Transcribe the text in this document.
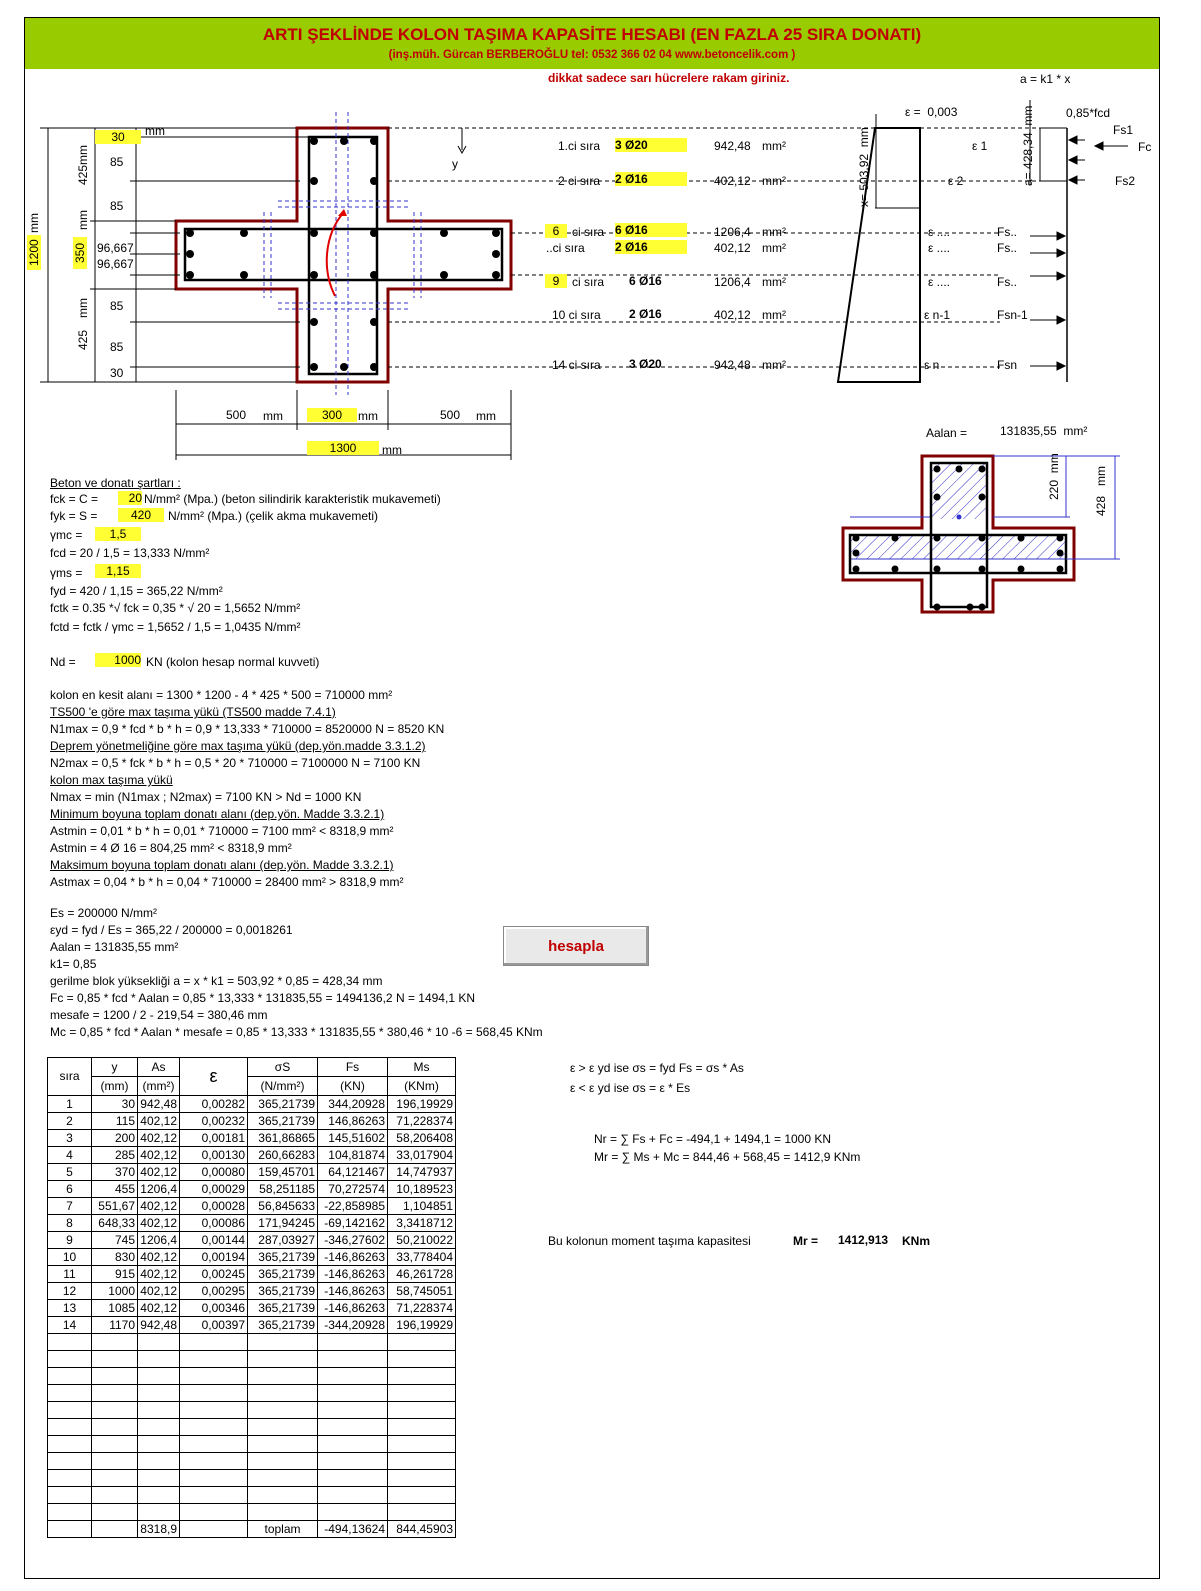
ARTI ŞEKLİNDE KOLON TAŞIMA KAPASİTE HESABI (EN FAZLA 25 SIRA DONATI)
(inş.müh. Gürcan BERBEROĞLU tel: 0532 366 02 04 www.betoncelik.com )
dikkat sadece sarı hücrelere rakam giriniz.	a = k1 * x
30	mm
85
425
mm
85
mm
350 96,667
96,667
1200
mm
85
425
mm
85
30
y
500 mm	300	mm	500 mm
1300	mm
1.ci sıra 3 Ø20	942,48 mm²
2 ci sıra 2 Ø16	402,12 mm²
6	ci sıra 6 Ø16	1206,4 mm²
..ci sıra	2 Ø16	402,12 mm²
9	ci sıra 6 Ø16	1206,4 mm²
10 ci sıra 2 Ø16	402,12 mm²
14 ci sıra 3 Ø20	942,48 mm²
ε = 0,003
ε 1
ε 2
ε ....
ε ....
ε ....
ε n-1
ε n
x= 503,92  mm
a= 428,34  mm	0,85*fcd
Fs1
Fc
Fs2
Fs..
Fs..
Fs..
Fsn-1
Fsn
Aalan =	131835,55 mm²
220  mm
428   mm
Beton ve donatı şartları :
fck = C =	20 N/mm² (Mpa.) (beton silindirik karakteristik mukavemeti)
fyk = S =	420	N/mm² (Mpa.) (çelik akma mukavemeti)
γmc =	1,5
fcd = 20 / 1,5 = 13,333 N/mm²
γms =	1,15
fyd = 420 / 1,15 = 365,22 N/mm²
fctk = 0.35 *√ fck = 0,35 * √ 20 = 1,5652 N/mm²
fctd = fctk / γmc = 1,5652 / 1,5 = 1,0435 N/mm²
Nd =	1000 KN (kolon hesap normal kuvveti)
kolon en kesit alanı = 1300 * 1200 - 4 * 425 * 500 = 710000 mm²
TS500 'e göre max taşıma yükü (TS500 madde 7.4.1)
N1max = 0,9 * fcd * b * h = 0,9 * 13,333 * 710000 = 8520000 N = 8520 KN
Deprem yönetmeliğine göre max taşıma yükü (dep.yön.madde 3.3.1.2)
N2max = 0,5 * fck * b * h = 0,5 * 20 * 710000 = 7100000 N = 7100 KN
kolon max taşıma yükü
Nmax = min (N1max ; N2max) = 7100 KN > Nd = 1000 KN
Minimum boyuna toplam donatı alanı (dep.yön. Madde 3.3.2.1)
Astmin = 0,01 * b * h = 0,01 * 710000 = 7100 mm² < 8318,9 mm²
Astmin = 4 Ø 16 = 804,25 mm² < 8318,9 mm²
Maksimum boyuna toplam donatı alanı (dep.yön. Madde 3.3.2.1)
Astmax = 0,04 * b * h = 0,04 * 710000 = 28400 mm² > 8318,9 mm²
Es = 200000 N/mm²
εyd = fyd / Es = 365,22 / 200000 = 0,0018261
Aalan = 131835,55 mm²
k1= 0,85
gerilme blok yüksekliği a = x * k1 = 503,92 * 0,85 = 428,34 mm
Fc = 0,85 * fcd * Aalan = 0,85 * 13,333 * 131835,55 = 1494136,2 N = 1494,1 KN
mesafe = 1200 / 2 - 219,54 = 380,46 mm
Mc = 0,85 * fcd * Aalan * mesafe = 0,85 * 13,333 * 131835,55 * 380,46 * 10 -6 = 568,45 KNm
hesapla
ε > ε yd ise σs = fyd Fs = σs * As
ε < ε yd ise σs = ε * Es
Nr = ∑ Fs + Fc = -494,1 + 1494,1 = 1000 KN
Mr = ∑ Ms + Mc = 844,46 + 568,45 = 1412,9 KNm
Bu kolonun moment taşıma kapasitesi	Mr = 1412,913 KNm
sıra	y	As	ε	σS	Fs	Ms
	(mm)	(mm²)		(N/mm²)	(KN)	(KNm)
1	30	942,48	0,00282	365,21739	344,20928	196,19929
2	115	402,12	0,00232	365,21739	146,86263	71,228374
3	200	402,12	0,00181	361,86865	145,51602	58,206408
4	285	402,12	0,00130	260,66283	104,81874	33,017904
5	370	402,12	0,00080	159,45701	64,121467	14,747937
6	455	1206,4	0,00029	58,251185	70,272574	10,189523
7	551,67	402,12	0,00028	56,845633	-22,858985	1,104851
8	648,33	402,12	0,00086	171,94245	-69,142162	3,3418712
9	745	1206,4	0,00144	287,03927	-346,27602	50,210022
10	830	402,12	0,00194	365,21739	-146,86263	33,778404
11	915	402,12	0,00245	365,21739	-146,86263	46,261728
12	1000	402,12	0,00295	365,21739	-146,86263	58,745051
13	1085	402,12	0,00346	365,21739	-146,86263	71,228374
14	1170	942,48	0,00397	365,21739	-344,20928	196,19929

		8318,9		toplam	-494,13624	844,45903
